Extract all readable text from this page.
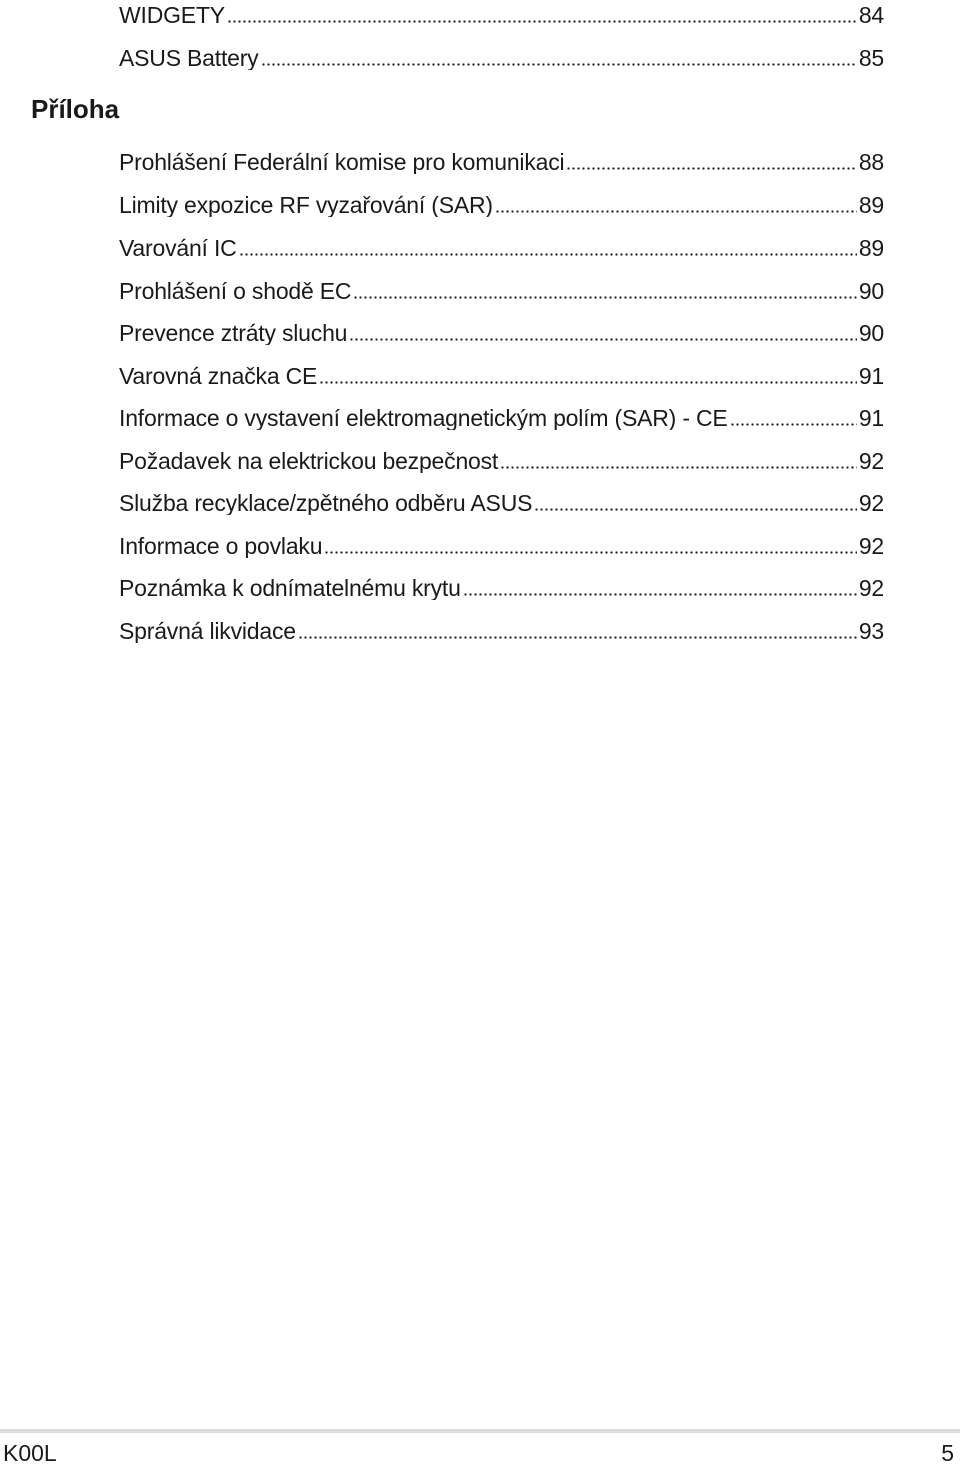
WIDGETY	84
ASUS Battery	85
Příloha
Prohlášení Federální komise pro komunikaci	88
Limity expozice RF vyzařování (SAR)	89
Varování IC	89
Prohlášení o shodě EC	90
Prevence ztráty sluchu	90
Varovná značka CE	91
Informace o vystavení elektromagnetickým polím (SAR) - CE	91
Požadavek na elektrickou bezpečnost	92
Služba recyklace/zpětného odběru ASUS	92
Informace o povlaku	92
Poznámka k odnímatelnému krytu	92
Správná likvidace	93
K00L	5
